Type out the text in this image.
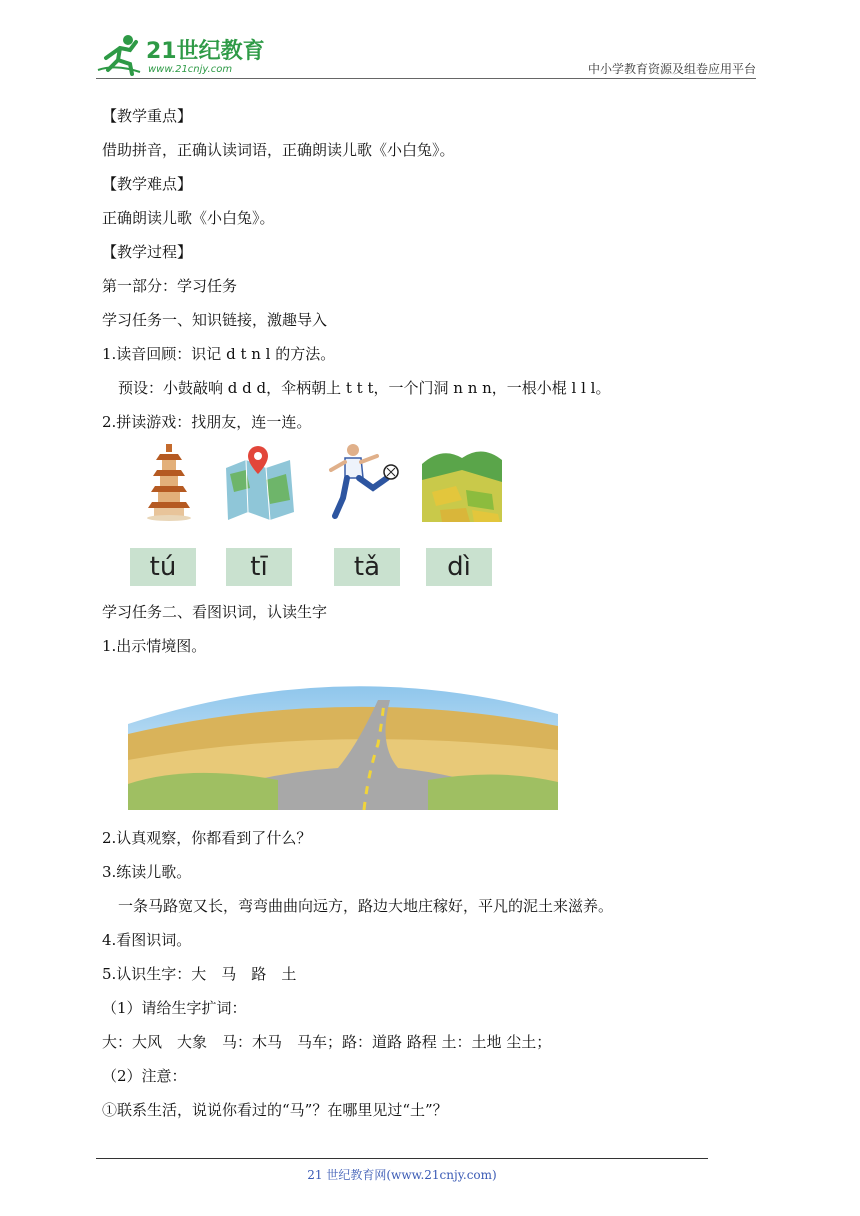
21世纪教育
www.21cnjy.com	中小学教育资源及组卷应用平台
【教学重点】
借助拼音，正确认读词语，正确朗读儿歌《小白兔》。
【教学难点】
正确朗读儿歌《小白兔》。
【教学过程】
第一部分：学习任务
学习任务一、知识链接，激趣导入
1.读音回顾：识记 d t n l 的方法。
预设：小鼓敲响 d d d，伞柄朝上 t t t，一个门洞 n n n，一根小棍 l l l。
2.拼读游戏：找朋友，连一连。
tú	tī	tǎ	dì
学习任务二、看图识词，认读生字
1.出示情境图。
2.认真观察，你都看到了什么？
3.练读儿歌。
一条马路宽又长，弯弯曲曲向远方，路边大地庄稼好，平凡的泥土来滋养。
4.看图识词。
5.认识生字：大　马　路　土
（1）请给生字扩词：
大：大风　大象　马：木马　马车；路：道路 路程 土：土地 尘土；
（2）注意：
①联系生活，说说你看过的“马”？在哪里见过“土”？
21 世纪教育网(www.21cnjy.com)
